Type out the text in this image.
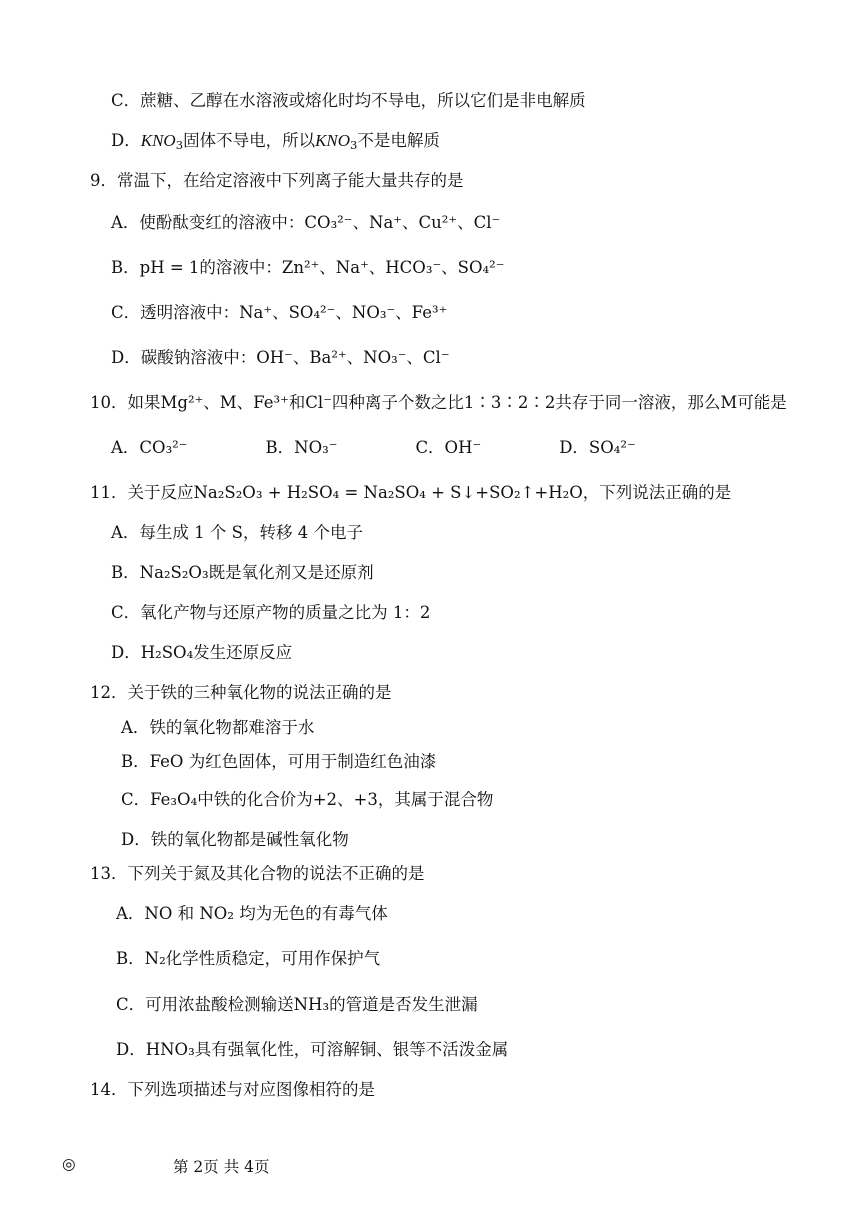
C．蔗糖、乙醇在水溶液或熔化时均不导电，所以它们是非电解质
D．$KNO_3$固体不导电，所以$KNO_3$不是电解质
9．常温下，在给定溶液中下列离子能大量共存的是
A．使酚酞变红的溶液中：CO₃²⁻、Na⁺、Cu²⁺、Cl⁻
B．pH = 1的溶液中：Zn²⁺、Na⁺、HCO₃⁻、SO₄²⁻
C．透明溶液中：Na⁺、SO₄²⁻、NO₃⁻、Fe³⁺
D．碳酸钠溶液中：OH⁻、Ba²⁺、NO₃⁻、Cl⁻
10．如果Mg²⁺、M、Fe³⁺和Cl⁻四种离子个数之比1∶3∶2∶2共存于同一溶液，那么M可能是
A．CO₃²⁻	B．NO₃⁻	C．OH⁻	D．SO₄²⁻
11．关于反应Na₂S₂O₃ + H₂SO₄ = Na₂SO₄ + S↓+SO₂↑+H₂O，下列说法正确的是
A．每生成 1 个 S，转移 4 个电子
B．Na₂S₂O₃既是氧化剂又是还原剂
C．氧化产物与还原产物的质量之比为 1：2
D．H₂SO₄发生还原反应
12．关于铁的三种氧化物的说法正确的是
A．铁的氧化物都难溶于水
B．FeO 为红色固体，可用于制造红色油漆
C．Fe₃O₄中铁的化合价为+2、+3，其属于混合物
D．铁的氧化物都是碱性氧化物
13．下列关于氮及其化合物的说法不正确的是
A．NO 和 NO₂ 均为无色的有毒气体
B．N₂化学性质稳定，可用作保护气
C．可用浓盐酸检测输送NH₃的管道是否发生泄漏
D．HNO₃具有强氧化性，可溶解铜、银等不活泼金属
14．下列选项描述与对应图像相符的是
◎	第 2页 共 4页
